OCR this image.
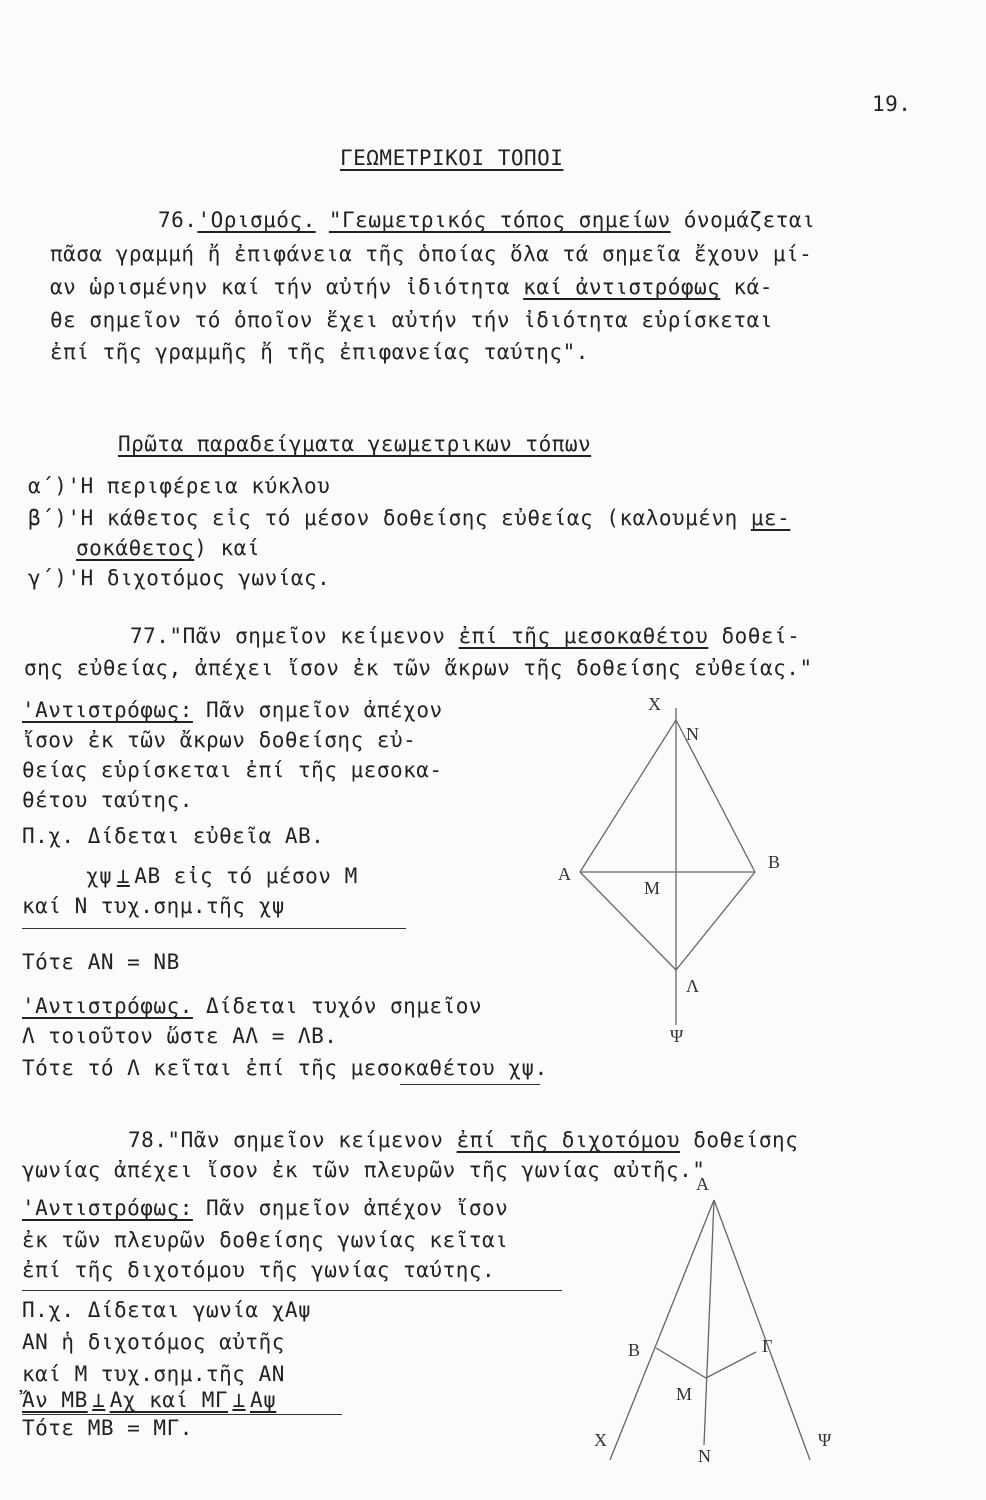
19.
ΓΕΩΜΕΤΡΙΚΟΙ ΤΟΠΟΙ
76.'Ορισμός. "Γεωμετρικός τόπος σημείων όνομάζεται
πᾶσα γραμμή ἤ ἐπιφάνεια τῆς ὁποίας ὅλα τά σημεῖα ἔχουν μί-
αν ὡρισμένην καί τήν αὐτήν ἰδιότητα καί ἀντιστρόφως κά-
θε σημεῖον τό ὁποῖον ἔχει αὐτήν τήν ἰδιότητα εὑρίσκεται
ἐπί τῆς γραμμῆς ἤ τῆς ἐπιφανείας ταύτης".
Πρῶτα παραδείγματα γεωμετρικων τόπων
α΄)'Η περιφέρεια κύκλου
β΄)'Η κάθετος εἰς τό μέσον δοθείσης εὐθείας (καλουμένη με-
σοκάθετος) καί
γ΄)'Η διχοτόμος γωνίας.
77."Πᾶν σημεῖον κείμενον ἐπί τῆς μεσοκαθέτου δοθεί-
σης εὐθείας, ἀπέχει ἴσον ἐκ τῶν ἄκρων τῆς δοθείσης εὐθείας."
'Αντιστρόφως: Πᾶν σημεῖον ἀπέχον
ἴσον ἐκ τῶν ἄκρων δοθείσης εὐ-
θείας εὑρίσκεται ἐπί τῆς μεσοκα-
θέτου ταύτης.
Π.χ. Δίδεται εὐθεῖα ΑΒ.
χψ ⊥ ΑΒ εἰς τό μέσον Μ
καί Ν τυχ.σημ.τῆς χψ
Τότε ΑΝ = ΝΒ
'Αντιστρόφως. Δίδεται τυχόν σημεῖον
Λ τοιοῦτον ὥστε ΑΛ = ΛΒ.
Τότε τό Λ κεῖται ἐπί τῆς μεσοκαθέτου χψ.
Χ
Ν
Α
Β
Μ
Λ
Ψ
78."Πᾶν σημεῖον κείμενον ἐπί τῆς διχοτόμου δοθείσης
γωνίας ἀπέχει ἴσον ἐκ τῶν πλευρῶν τῆς γωνίας αὐτῆς."
'Αντιστρόφως: Πᾶν σημεῖον ἀπέχον ἴσον
ἐκ τῶν πλευρῶν δοθείσης γωνίας κεῖται
ἐπί τῆς διχοτόμου τῆς γωνίας ταύτης.
Π.χ. Δίδεται γωνία χΑψ
ΑΝ ἡ διχοτόμος αὐτῆς
καί Μ τυχ.σημ.τῆς ΑΝ
Ἄν ΜΒ ⊥ Αχ καί ΜΓ ⊥ Αψ
Τότε ΜΒ = ΜΓ.
Α
Β	Γ
Μ
Χ
Ν
Ψ
